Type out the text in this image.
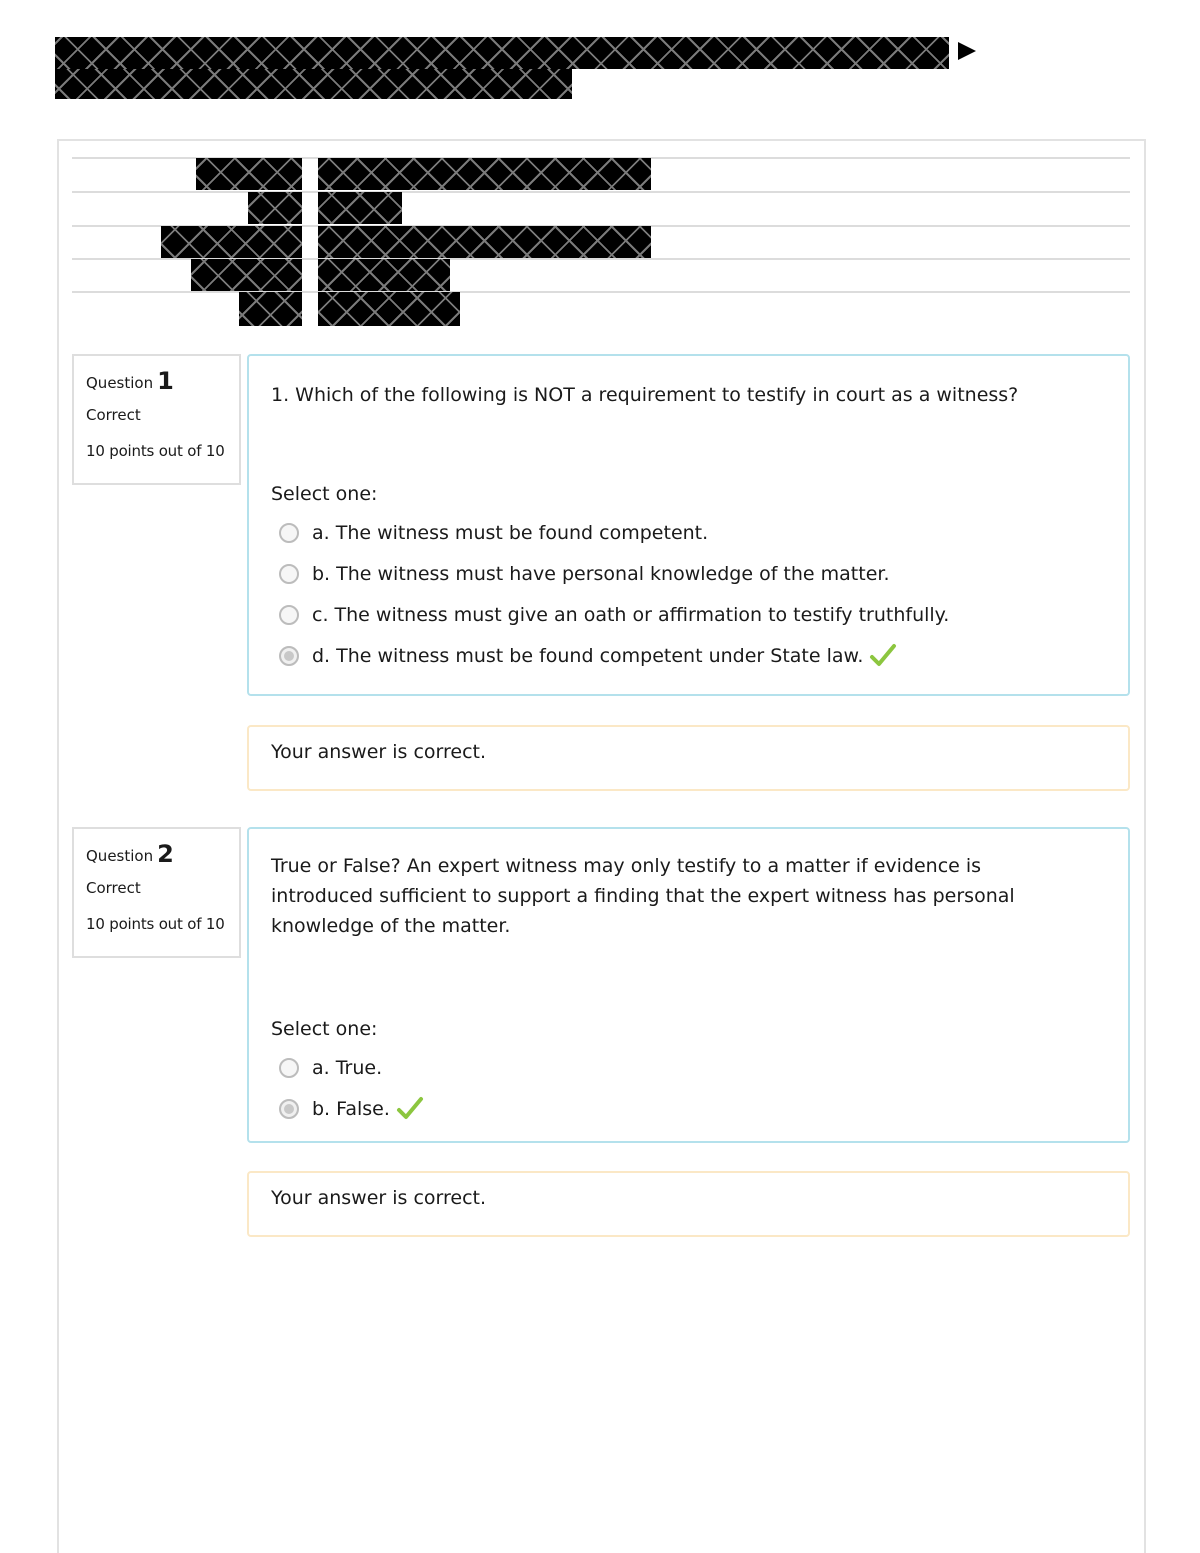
Question 1
Correct
10 points out of 10
1. Which of the following is NOT a requirement to testify in court as a witness?
Select one:
a. The witness must be found competent.
b. The witness must have personal knowledge of the matter.
c. The witness must give an oath or affirmation to testify truthfully.
d. The witness must be found competent under State law.
Your answer is correct.
Question 2
Correct
10 points out of 10
True or False? An expert witness may only testify to a matter if evidence is introduced sufficient to support a finding that the expert witness has personal knowledge of the matter.
Select one:
a. True.
b. False.
Your answer is correct.
